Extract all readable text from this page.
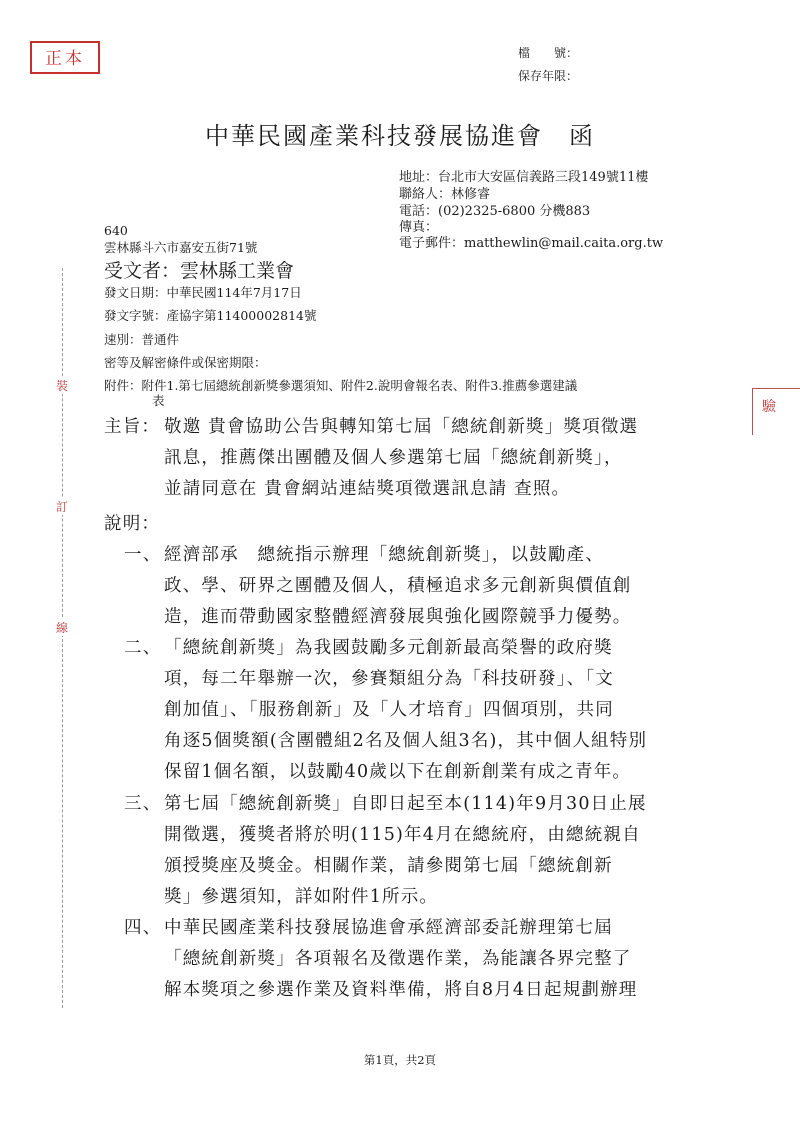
正本	檔　　號：
保存年限：
中華民國產業科技發展協進會　函
地址：台北市大安區信義路三段149號11樓
聯絡人：林修睿
電話：(02)2325-6800 分機883
傳真：
電子郵件：matthewlin@mail.caita.org.tw
640
雲林縣斗六市嘉安五街71號
受文者：雲林縣工業會
發文日期：中華民國114年7月17日
發文字號：產協字第11400002814號
速別：普通件
密等及解密條件或保密期限：
附件：附件1.第七屆總統創新獎參選須知、附件2.說明會報名表、附件3.推薦參選建議
表
裝
訂
線
驗
主旨： 敬邀 貴會協助公告與轉知第七屆「總統創新獎」獎項徵選
訊息，推薦傑出團體及個人參選第七屆「總統創新獎」，
並請同意在 貴會網站連結獎項徵選訊息請 查照。
說明：
一、 經濟部承　總統指示辦理「總統創新獎」，以鼓勵產、
政、學、研界之團體及個人，積極追求多元創新與價值創
造，進而帶動國家整體經濟發展與強化國際競爭力優勢。
二、 「總統創新獎」為我國鼓勵多元創新最高榮譽的政府獎
項，每二年舉辦一次，參賽類組分為「科技研發」、「文
創加值」、「服務創新」及「人才培育」四個項別，共同
角逐5個獎額(含團體組2名及個人組3名)，其中個人組特別
保留1個名額，以鼓勵40歲以下在創新創業有成之青年。
三、 第七屆「總統創新獎」自即日起至本(114)年9月30日止展
開徵選，獲獎者將於明(115)年4月在總統府，由總統親自
頒授獎座及獎金。相關作業，請參閱第七屆「總統創新
獎」參選須知，詳如附件1所示。
四、 中華民國產業科技發展協進會承經濟部委託辦理第七屆
「總統創新獎」各項報名及徵選作業，為能讓各界完整了
解本獎項之參選作業及資料準備，將自8月4日起規劃辦理
第1頁，共2頁
